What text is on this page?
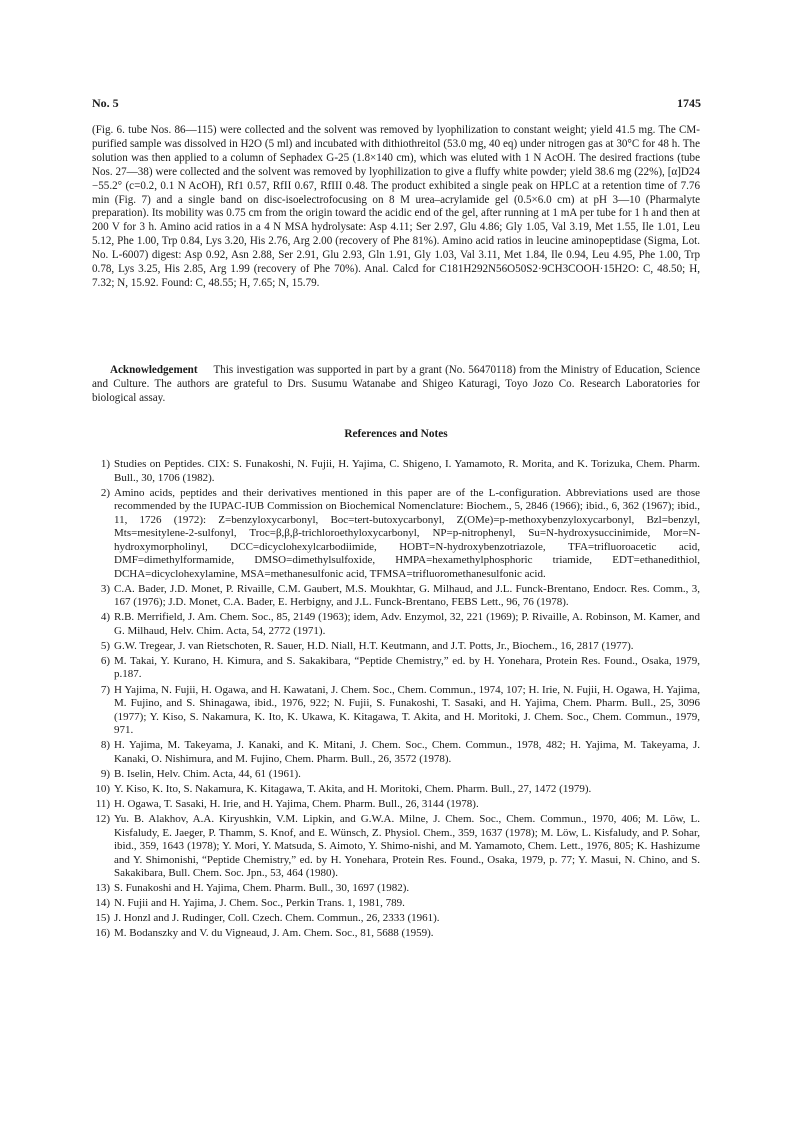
No. 5	1745

(Fig. 6. tube Nos. 86—115) were collected and the solvent was removed by lyophilization to constant weight; yield 41.5 mg. The CM-purified sample was dissolved in H2O (5 ml) and incubated with dithiothreitol (53.0 mg, 40 eq) under nitrogen gas at 30°C for 48 h. The solution was then applied to a column of Sephadex G-25 (1.8×140 cm), which was eluted with 1 N AcOH. The desired fractions (tube Nos. 27—38) were collected and the solvent was removed by lyophilization to give a fluffy white powder; yield 38.6 mg (22%), [α]D24 −55.2° (c=0.2, 0.1 N AcOH), Rf1 0.57, RfII 0.67, RfIII 0.48. The product exhibited a single peak on HPLC at a retention time of 7.76 min (Fig. 7) and a single band on disc-isoelectrofocusing on 8 M urea–acrylamide gel (0.5×6.0 cm) at pH 3—10 (Pharmalyte preparation). Its mobility was 0.75 cm from the origin toward the acidic end of the gel, after running at 1 mA per tube for 1 h and then at 200 V for 3 h. Amino acid ratios in a 4 N MSA hydrolysate: Asp 4.11; Ser 2.97, Glu 4.86; Gly 1.05, Val 3.19, Met 1.55, Ile 1.01, Leu 5.12, Phe 1.00, Trp 0.84, Lys 3.20, His 2.76, Arg 2.00 (recovery of Phe 81%). Amino acid ratios in leucine aminopeptidase (Sigma, Lot. No. L-6007) digest: Asp 0.92, Asn 2.88, Ser 2.91, Glu 2.93, Gln 1.91, Gly 1.03, Val 3.11, Met 1.84, Ile 0.94, Leu 4.95, Phe 1.00, Trp 0.78, Lys 3.25, His 2.85, Arg 1.99 (recovery of Phe 70%). Anal. Calcd for C181H292N56O50S2·9CH3COOH·15H2O: C, 48.50; H, 7.32; N, 15.92. Found: C, 48.55; H, 7.65; N, 15.79.

Acknowledgement This investigation was supported in part by a grant (No. 56470118) from the Ministry of Education, Science and Culture. The authors are grateful to Drs. Susumu Watanabe and Shigeo Katuragi, Toyo Jozo Co. Research Laboratories for biological assay.

References and Notes
1) Studies on Peptides. CIX: S. Funakoshi, N. Fujii, H. Yajima, C. Shigeno, I. Yamamoto, R. Morita, and K. Torizuka, Chem. Pharm. Bull., 30, 1706 (1982).
2) Amino acids, peptides and their derivatives mentioned in this paper are of the L-configuration. Abbreviations used are those recommended by the IUPAC-IUB Commission on Biochemical Nomenclature: Biochem., 5, 2846 (1966); ibid., 6, 362 (1967); ibid., 11, 1726 (1972): Z=benzyloxycarbonyl, Boc=tert-butoxycarbonyl, Z(OMe)=p-methoxybenzyloxycarbonyl, Bzl=benzyl, Mts=mesitylene-2-sulfonyl, Troc=β,β,β-trichloroethyloxycarbonyl, NP=p-nitrophenyl, Su=N-hydroxysuccinimide, Mor=N-hydroxymorpholinyl, DCC=dicyclohexylcarbodiimide, HOBT=N-hydroxybenzotriazole, TFA=trifluoroacetic acid, DMF=dimethylformamide, DMSO=dimethylsulfoxide, HMPA=hexamethylphosphoric triamide, EDT=ethanedithiol, DCHA=dicyclohexylamine, MSA=methanesulfonic acid, TFMSA=trifluoromethanesulfonic acid.
3) C.A. Bader, J.D. Monet, P. Rivaille, C.M. Gaubert, M.S. Moukhtar, G. Milhaud, and J.L. Funck-Brentano, Endocr. Res. Comm., 3, 167 (1976); J.D. Monet, C.A. Bader, E. Herbigny, and J.L. Funck-Brentano, FEBS Lett., 96, 76 (1978).
4) R.B. Merrifield, J. Am. Chem. Soc., 85, 2149 (1963); idem, Adv. Enzymol, 32, 221 (1969); P. Rivaille, A. Robinson, M. Kamer, and G. Milhaud, Helv. Chim. Acta, 54, 2772 (1971).
5) G.W. Tregear, J. van Rietschoten, R. Sauer, H.D. Niall, H.T. Keutmann, and J.T. Potts, Jr., Biochem., 16, 2817 (1977).
6) M. Takai, Y. Kurano, H. Kimura, and S. Sakakibara, “Peptide Chemistry,” ed. by H. Yonehara, Protein Res. Found., Osaka, 1979, p.187.
7) H Yajima, N. Fujii, H. Ogawa, and H. Kawatani, J. Chem. Soc., Chem. Commun., 1974, 107; H. Irie, N. Fujii, H. Ogawa, H. Yajima, M. Fujino, and S. Shinagawa, ibid., 1976, 922; N. Fujii, S. Funakoshi, T. Sasaki, and H. Yajima, Chem. Pharm. Bull., 25, 3096 (1977); Y. Kiso, S. Nakamura, K. Ito, K. Ukawa, K. Kitagawa, T. Akita, and H. Moritoki, J. Chem. Soc., Chem. Commun., 1979, 971.
8) H. Yajima, M. Takeyama, J. Kanaki, and K. Mitani, J. Chem. Soc., Chem. Commun., 1978, 482; H. Yajima, M. Takeyama, J. Kanaki, O. Nishimura, and M. Fujino, Chem. Pharm. Bull., 26, 3572 (1978).
9) B. Iselin, Helv. Chim. Acta, 44, 61 (1961).
10) Y. Kiso, K. Ito, S. Nakamura, K. Kitagawa, T. Akita, and H. Moritoki, Chem. Pharm. Bull., 27, 1472 (1979).
11) H. Ogawa, T. Sasaki, H. Irie, and H. Yajima, Chem. Pharm. Bull., 26, 3144 (1978).
12) Yu. B. Alakhov, A.A. Kiryushkin, V.M. Lipkin, and G.W.A. Milne, J. Chem. Soc., Chem. Commun., 1970, 406; M. Löw, L. Kisfaludy, E. Jaeger, P. Thamm, S. Knof, and E. Wünsch, Z. Physiol. Chem., 359, 1637 (1978); M. Löw, L. Kisfaludy, and P. Sohar, ibid., 359, 1643 (1978); Y. Mori, Y. Matsuda, S. Aimoto, Y. Shimo-nishi, and M. Yamamoto, Chem. Lett., 1976, 805; K. Hashizume and Y. Shimonishi, “Peptide Chemistry,” ed. by H. Yonehara, Protein Res. Found., Osaka, 1979, p. 77; Y. Masui, N. Chino, and S. Sakakibara, Bull. Chem. Soc. Jpn., 53, 464 (1980).
13) S. Funakoshi and H. Yajima, Chem. Pharm. Bull., 30, 1697 (1982).
14) N. Fujii and H. Yajima, J. Chem. Soc., Perkin Trans. 1, 1981, 789.
15) J. Honzl and J. Rudinger, Coll. Czech. Chem. Commun., 26, 2333 (1961).
16) M. Bodanszky and V. du Vigneaud, J. Am. Chem. Soc., 81, 5688 (1959).
